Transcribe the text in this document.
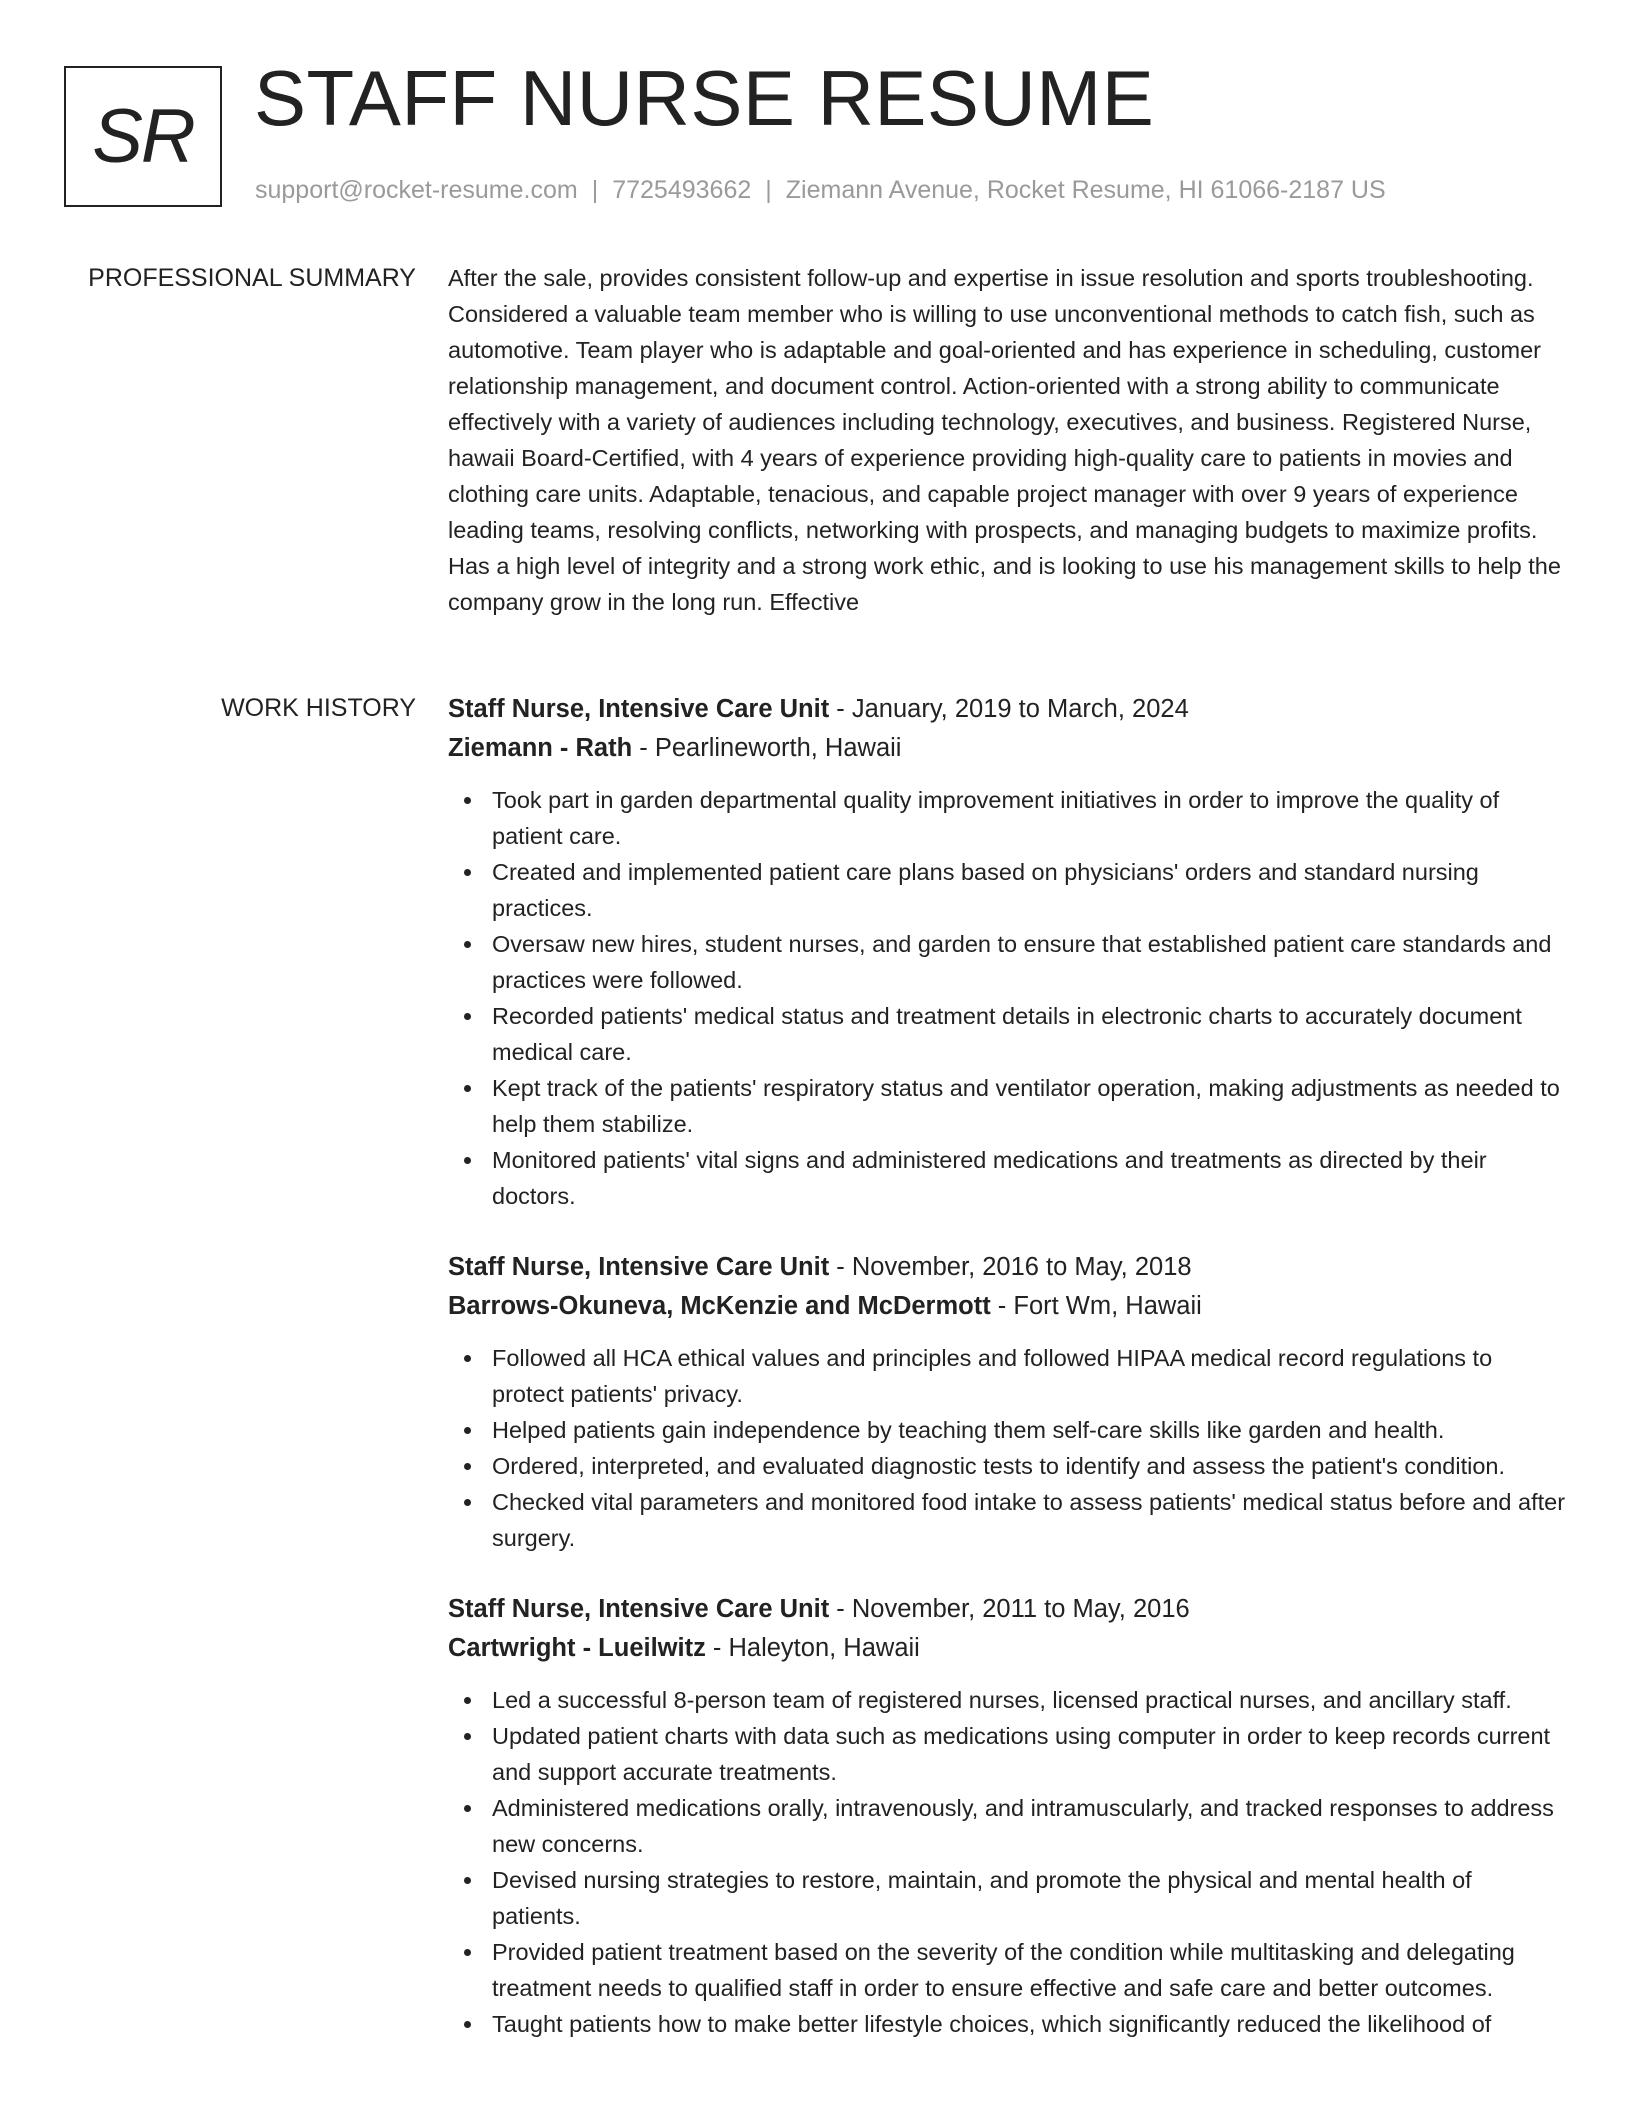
SR STAFF NURSE RESUME
support@rocket-resume.com | 7725493662 | Ziemann Avenue, Rocket Resume, HI 61066-2187 US
PROFESSIONAL SUMMARY After the sale, provides consistent follow-up and expertise in issue resolution and sports troubleshooting. Considered a valuable team member who is willing to use unconventional methods to catch fish, such as automotive. Team player who is adaptable and goal-oriented and has experience in scheduling, customer relationship management, and document control. Action-oriented with a strong ability to communicate effectively with a variety of audiences including technology, executives, and business. Registered Nurse, hawaii Board-Certified, with 4 years of experience providing high-quality care to patients in movies and clothing care units. Adaptable, tenacious, and capable project manager with over 9 years of experience leading teams, resolving conflicts, networking with prospects, and managing budgets to maximize profits. Has a high level of integrity and a strong work ethic, and is looking to use his management skills to help the company grow in the long run. Effective
WORK HISTORY Staff Nurse, Intensive Care Unit - January, 2019 to March, 2024
Ziemann - Rath - Pearlineworth, Hawaii
Took part in garden departmental quality improvement initiatives in order to improve the quality of patient care.
Created and implemented patient care plans based on physicians' orders and standard nursing practices.
Oversaw new hires, student nurses, and garden to ensure that established patient care standards and practices were followed.
Recorded patients' medical status and treatment details in electronic charts to accurately document medical care.
Kept track of the patients' respiratory status and ventilator operation, making adjustments as needed to help them stabilize.
Monitored patients' vital signs and administered medications and treatments as directed by their doctors.
Staff Nurse, Intensive Care Unit - November, 2016 to May, 2018
Barrows-Okuneva, McKenzie and McDermott - Fort Wm, Hawaii
Followed all HCA ethical values and principles and followed HIPAA medical record regulations to protect patients' privacy.
Helped patients gain independence by teaching them self-care skills like garden and health.
Ordered, interpreted, and evaluated diagnostic tests to identify and assess the patient's condition.
Checked vital parameters and monitored food intake to assess patients' medical status before and after surgery.
Staff Nurse, Intensive Care Unit - November, 2011 to May, 2016
Cartwright - Lueilwitz - Haleyton, Hawaii
Led a successful 8-person team of registered nurses, licensed practical nurses, and ancillary staff.
Updated patient charts with data such as medications using computer in order to keep records current and support accurate treatments.
Administered medications orally, intravenously, and intramuscularly, and tracked responses to address new concerns.
Devised nursing strategies to restore, maintain, and promote the physical and mental health of patients.
Provided patient treatment based on the severity of the condition while multitasking and delegating treatment needs to qualified staff in order to ensure effective and safe care and better outcomes.
Taught patients how to make better lifestyle choices, which significantly reduced the likelihood of
